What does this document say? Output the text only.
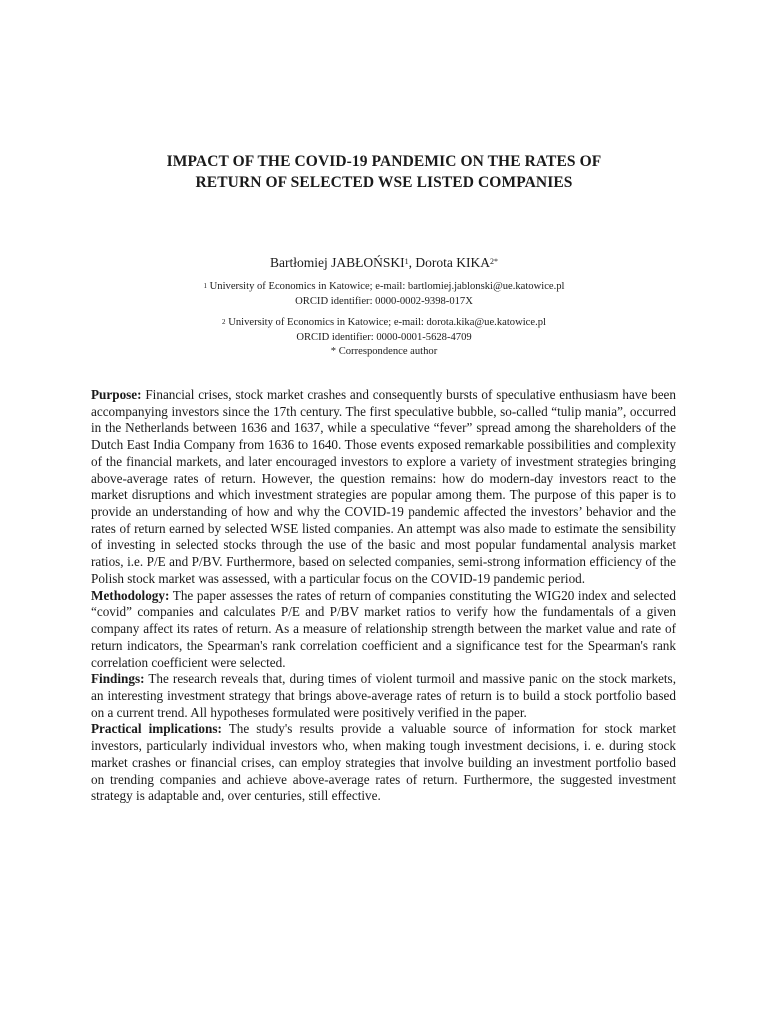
IMPACT OF THE COVID-19 PANDEMIC ON THE RATES OF
RETURN OF SELECTED WSE LISTED COMPANIES

Bartłomiej JABŁOŃSKI$^1$, Dorota $KIKA^{2*}$

$^1$ University of Economics in Katowice; e-mail: bartlomiej.jablonski@ue.katowice.pl
ORCID identifier: 0000-0002-9398-017X
$^2$ University of Economics in Katowice; e-mail: dorota.kika@ue.katowice.pl
ORCID identifier: 0000-0001-5628-4709
* Correspondence author

Purpose: Financial crises, stock market crashes and consequently bursts of speculative enthusiasm have been accompanying investors since the 17th century. The first speculative bubble, so-called “tulip mania”, occurred in the Netherlands between 1636 and 1637, while a speculative “fever” spread among the shareholders of the Dutch East India Company from 1636 to 1640. Those events exposed remarkable possibilities and complexity of the financial markets, and later encouraged investors to explore a variety of investment strategies bringing above-average rates of return. However, the question remains: how do modern-day investors react to the market disruptions and which investment strategies are popular among them. The purpose of this paper is to provide an understanding of how and why the COVID-19 pandemic affected the investors’ behavior and the rates of return earned by selected WSE listed companies. An attempt was also made to estimate the sensibility of investing in selected stocks through the use of the basic and most popular fundamental analysis market ratios, i.e. P/E and P/BV. Furthermore, based on selected companies, semi-strong information efficiency of the Polish stock market was assessed, with a particular focus on the COVID-19 pandemic period.

Methodology: The paper assesses the rates of return of companies constituting the WIG20 index and selected “covid” companies and calculates P/E and P/BV market ratios to verify how the fundamentals of a given company affect its rates of return. As a measure of relationship strength between the market value and rate of return indicators, the Spearman's rank correlation coefficient and a significance test for the Spearman's rank correlation coefficient were selected.

Findings: The research reveals that, during times of violent turmoil and massive panic on the stock markets, an interesting investment strategy that brings above-average rates of return is to build a stock portfolio based on a current trend. All hypotheses formulated were positively verified in the paper.

Practical implications: The study's results provide a valuable source of information for stock market investors, particularly individual investors who, when making tough investment decisions, i. e. during stock market crashes or financial crises, can employ strategies that involve building an investment portfolio based on trending companies and achieve above-average rates of return. Furthermore, the suggested investment strategy is adaptable and, over centuries, still effective.
